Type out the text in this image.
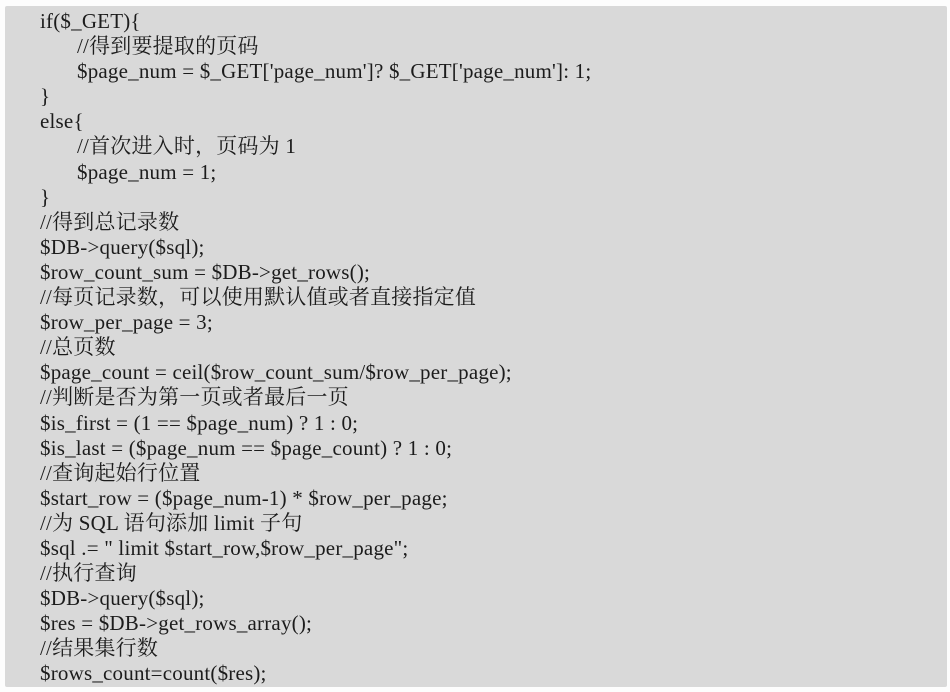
if($_GET){
//得到要提取的页码
$page_num = $_GET['page_num']? $_GET['page_num']: 1;
}
else{
//首次进入时，页码为 1
$page_num = 1;
}
//得到总记录数
$DB->query($sql);
$row_count_sum = $DB->get_rows();
//每页记录数，可以使用默认值或者直接指定值
$row_per_page = 3;
//总页数
$page_count = ceil($row_count_sum/$row_per_page);
//判断是否为第一页或者最后一页
$is_first = (1 == $page_num) ? 1 : 0;
$is_last = ($page_num == $page_count) ? 1 : 0;
//查询起始行位置
$start_row = ($page_num-1) * $row_per_page;
//为 SQL 语句添加 limit 子句
$sql .= " limit $start_row,$row_per_page";
//执行查询
$DB->query($sql);
$res = $DB->get_rows_array();
//结果集行数
$rows_count=count($res);
